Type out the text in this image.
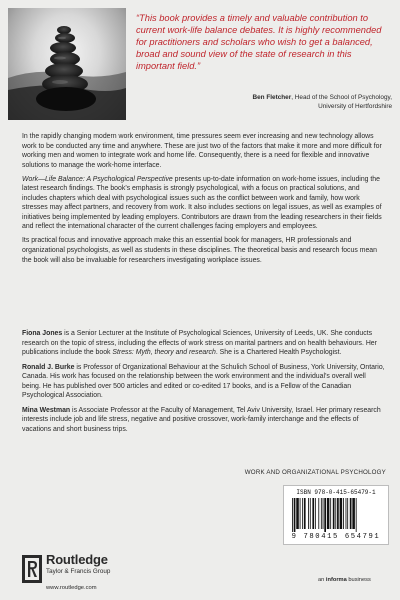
“This book provides a timely and valuable contribution to current work-life balance debates. It is highly recommended for practitioners and scholars who wish to get a balanced, broad and sound view of the state of research in this important field.”

Ben Fletcher, Head of the School of Psychology,
University of Hertfordshire

In the rapidly changing modern work environment, time pressures seem ever increasing and new technology allows work to be conducted any time and anywhere. These are just two of the factors that make it more and more difficult for working men and women to integrate work and home life. Consequently, there is a need for flexible and innovative solutions to manage the work-home interface.

Work—Life Balance: A Psychological Perspective presents up-to-date information on work-home issues, including the latest research findings. The book’s emphasis is strongly psychological, with a focus on practical solutions, and includes chapters which deal with psychological issues such as the conflict between work and family, how work stresses may affect partners, and recovery from work. It also includes sections on legal issues, as well as examples of initiatives being implemented by leading employers. Contributors are drawn from the leading researchers in their fields and reflect the international character of the current challenges facing employers and employees.

Its practical focus and innovative approach make this an essential book for managers, HR professionals and organizational psychologists, as well as students in these disciplines. The theoretical basis and research focus mean the book will also be invaluable for researchers investigating workplace issues.

Fiona Jones is a Senior Lecturer at the Institute of Psychological Sciences, University of Leeds, UK. She conducts research on the topic of stress, including the effects of work stress on marital partners and on health behaviours. Her publications include the book Stress: Myth, theory and research. She is a Chartered Health Psychologist.

Ronald J. Burke is Professor of Organizational Behaviour at the Schulich School of Business, York University, Ontario, Canada. His work has focused on the relationship between the work environment and the individual’s overall well being. He has published over 500 articles and edited or co-edited 17 books, and is a Fellow of the Canadian Psychological Association.

Mina Westman is Associate Professor at the Faculty of Management, Tel Aviv University, Israel. Her primary research interests include job and life stress, negative and positive crossover, work-family interchange and the effects of vacations and short business trips.

WORK AND ORGANIZATIONAL PSYCHOLOGY
ISBN 978-0-415-65479-1
9 780415 654791
Routledge
Taylor & Francis Group
www.routledge.com
an informa business
